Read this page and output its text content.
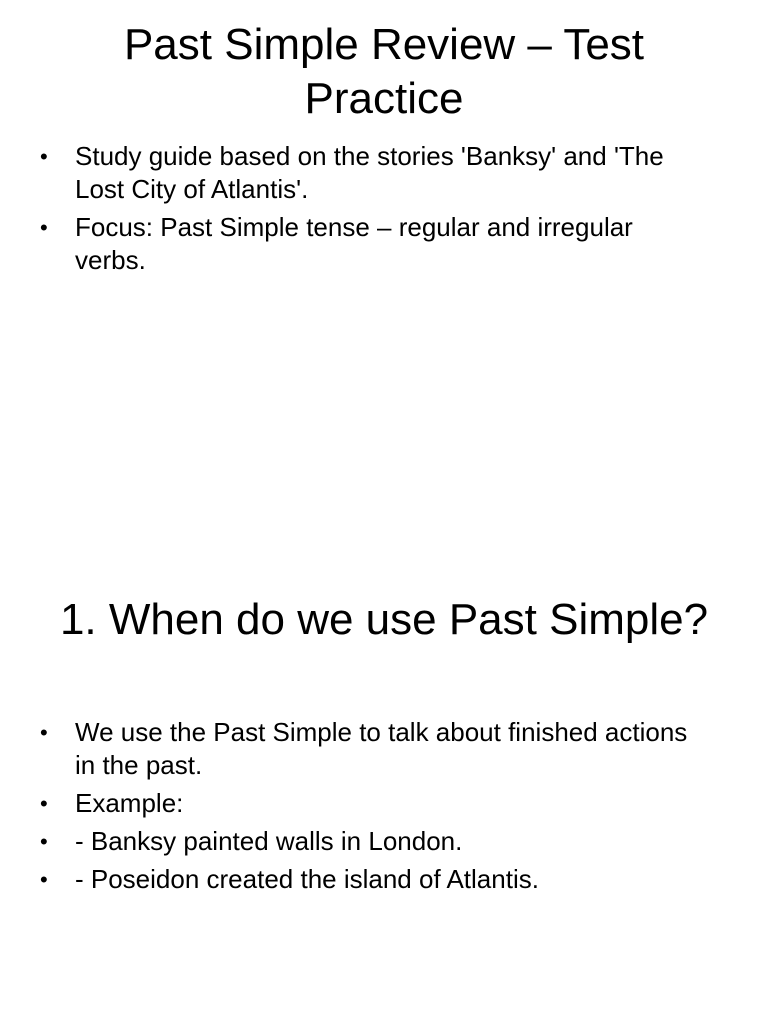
Past Simple Review – Test Practice
• Study guide based on the stories 'Banksy' and 'The Lost City of Atlantis'.
• Focus: Past Simple tense – regular and irregular verbs.
1. When do we use Past Simple?
• We use the Past Simple to talk about finished actions in the past.
• Example:
• - Banksy painted walls in London.
• - Poseidon created the island of Atlantis.
